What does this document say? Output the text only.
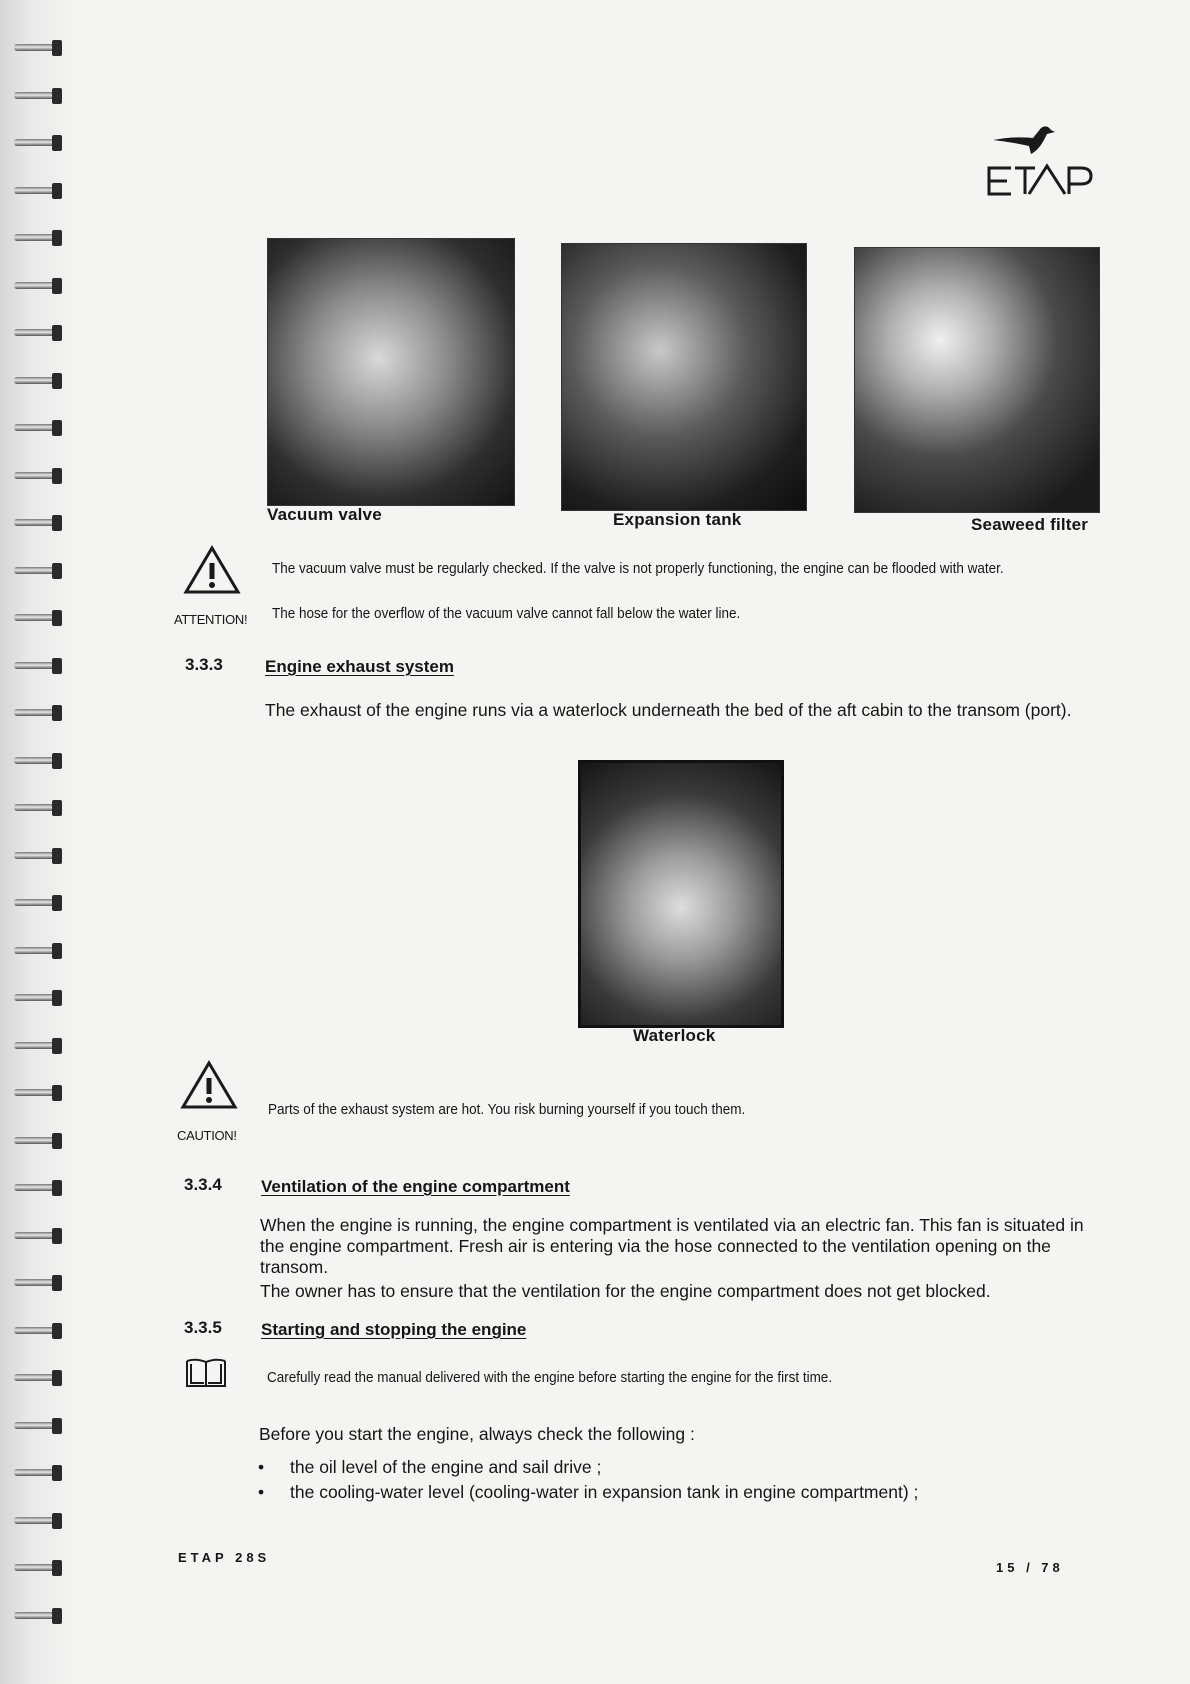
Vacuum valve	Expansion tank	Seaweed filter
ATTENTION!
The vacuum valve must be regularly checked. If the valve is not properly functioning, the engine can be flooded with water.
The hose for the overflow of the vacuum valve cannot fall below the water line.
3.3.3 Engine exhaust system
The exhaust of the engine runs via a waterlock underneath the bed of the aft cabin to the transom (port).
Waterlock
CAUTION!
Parts of the exhaust system are hot. You risk burning yourself if you touch them.
3.3.4 Ventilation of the engine compartment
When the engine is running, the engine compartment is ventilated via an electric fan. This fan is situated in the engine compartment. Fresh air is entering via the hose connected to the ventilation opening on the transom.
The owner has to ensure that the ventilation for the engine compartment does not get blocked.
3.3.5 Starting and stopping the engine
Carefully read the manual delivered with the engine before starting the engine for the first time.
Before you start the engine, always check the following :
• the oil level of the engine and sail drive ;
• the cooling-water level (cooling-water in expansion tank in engine compartment) ;
ETAP 28S
15 / 78
